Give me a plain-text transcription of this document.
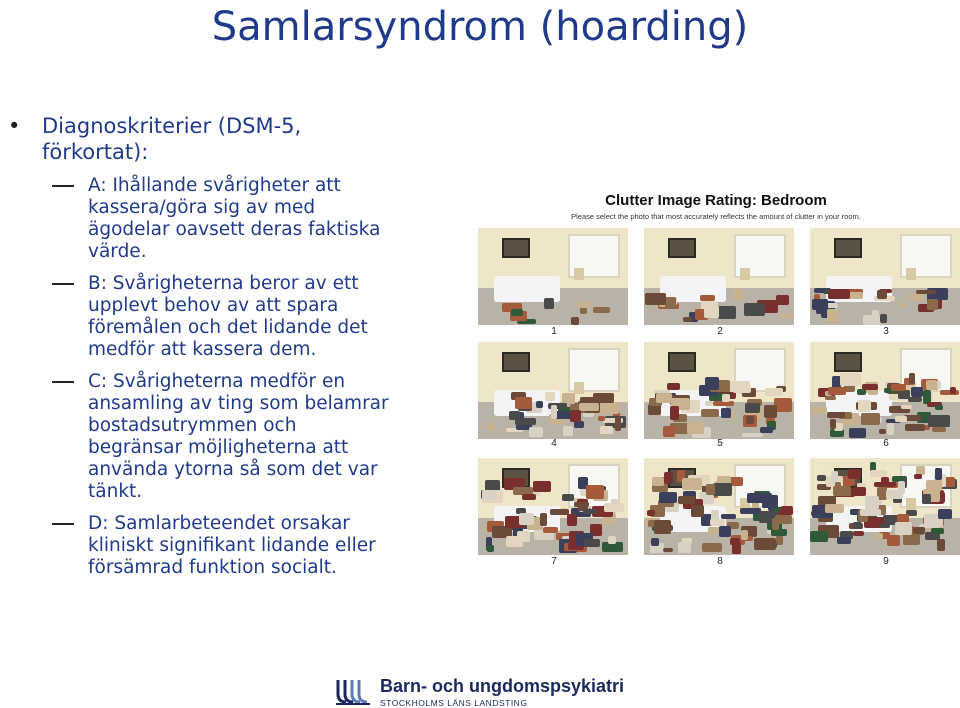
Samlarsyndrom (hoarding)
• Diagnoskriterier (DSM-5,
förkortat):
A: Ihållande svårigheter att
kassera/göra sig av med
ägodelar oavsett deras faktiska
värde.
B: Svårigheterna beror av ett
upplevt behov av att spara
föremålen och det lidande det
medför att kassera dem.
C: Svårigheterna medför en
ansamling av ting som belamrar
bostadsutrymmen och
begränsar möjligheterna att
använda ytorna så som det var
tänkt.
D: Samlarbeteendet orsakar
kliniskt signifikant lidande eller
försämrad funktion socialt.
Clutter Image Rating: Bedroom
Please select the photo that most accurately reflects the amount of clutter in your room.
1	2	3
4	5	6
7	8	9
Barn- och ungdomspsykiatri
STOCKHOLMS LÄNS LANDSTING
